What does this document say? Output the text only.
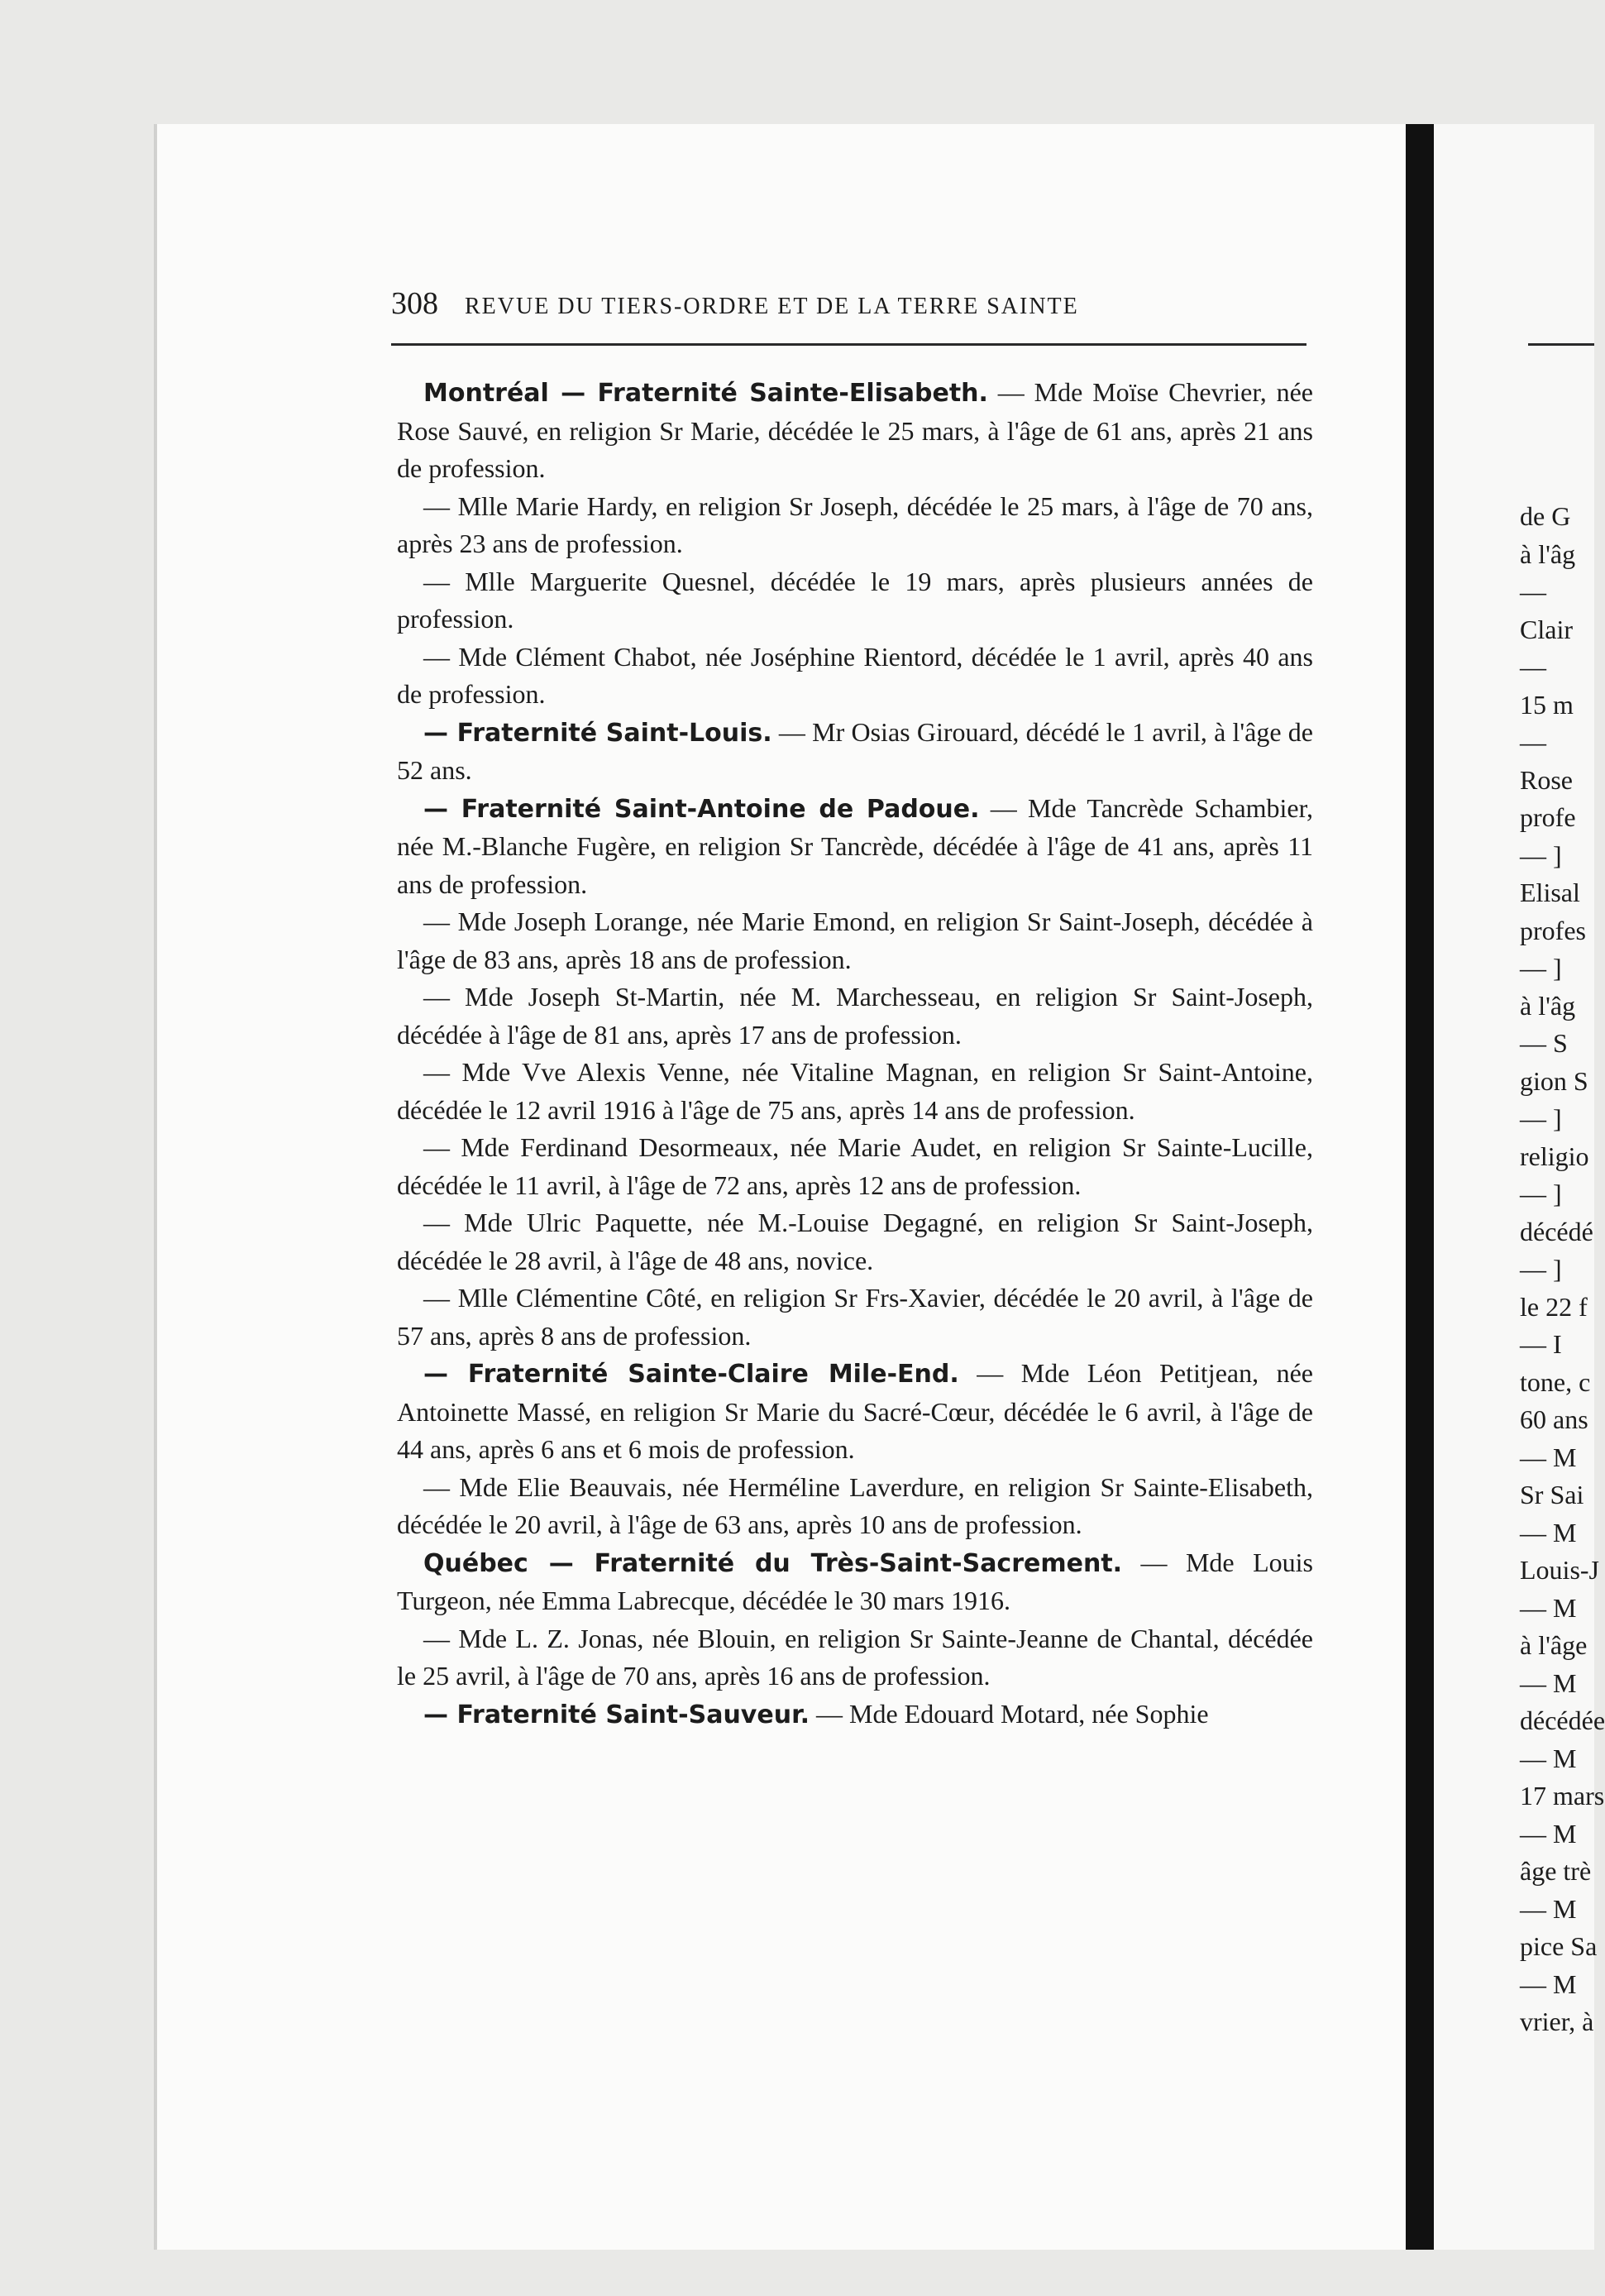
de G
à l'âg
—
Clair
—
15 m
—
Rose
profe
— ]
Elisal
profes
— ]
à l'âg
— S
gion S
— ]
religio
— ]
décédé
— ]
le 22 f
— I
tone, c
60 ans
— M
Sr Sai
— M
Louis-J
— M
à l'âge
— M
décédée
— M
17 mars
— M
âge trè
— M
pice Sa
— M
vrier, à
308 REVUE DU TIERS-ORDRE ET DE LA TERRE SAINTE

Montréal — Fraternité Sainte-Elisabeth. — Mde Moïse Chevrier, née Rose Sauvé, en religion Sr Marie, décédée le 25 mars, à l'âge de 61 ans, après 21 ans de profession.

— Mlle Marie Hardy, en religion Sr Joseph, décédée le 25 mars, à l'âge de 70 ans, après 23 ans de profession.

— Mlle Marguerite Quesnel, décédée le 19 mars, après plusieurs années de profession.

— Mde Clément Chabot, née Joséphine Rientord, décédée le 1 avril, après 40 ans de profession.

— Fraternité Saint-Louis. — Mr Osias Girouard, décédé le 1 avril, à l'âge de 52 ans.

— Fraternité Saint-Antoine de Padoue. — Mde Tancrède Schambier, née M.-Blanche Fugère, en religion Sr Tancrède, décédée à l'âge de 41 ans, après 11 ans de profession.

— Mde Joseph Lorange, née Marie Emond, en religion Sr Saint-Joseph, décédée à l'âge de 83 ans, après 18 ans de profession.

— Mde Joseph St-Martin, née M. Marchesseau, en religion Sr Saint-Joseph, décédée à l'âge de 81 ans, après 17 ans de profession.

— Mde Vve Alexis Venne, née Vitaline Magnan, en religion Sr Saint-Antoine, décédée le 12 avril 1916 à l'âge de 75 ans, après 14 ans de profession.

— Mde Ferdinand Desormeaux, née Marie Audet, en religion Sr Sainte-Lucille, décédée le 11 avril, à l'âge de 72 ans, après 12 ans de profession.

— Mde Ulric Paquette, née M.-Louise Degagné, en religion Sr Saint-Joseph, décédée le 28 avril, à l'âge de 48 ans, novice.

— Mlle Clémentine Côté, en religion Sr Frs-Xavier, décédée le 20 avril, à l'âge de 57 ans, après 8 ans de profession.

— Fraternité Sainte-Claire Mile-End. — Mde Léon Petitjean, née Antoinette Massé, en religion Sr Marie du Sacré-Cœur, décédée le 6 avril, à l'âge de 44 ans, après 6 ans et 6 mois de profession.

— Mde Elie Beauvais, née Herméline Laverdure, en religion Sr Sainte-Elisabeth, décédée le 20 avril, à l'âge de 63 ans, après 10 ans de profession.

Québec — Fraternité du Très-Saint-Sacrement. — Mde Louis Turgeon, née Emma Labrecque, décédée le 30 mars 1916.

— Mde L. Z. Jonas, née Blouin, en religion Sr Sainte-Jeanne de Chantal, décédée le 25 avril, à l'âge de 70 ans, après 16 ans de profession.

— Fraternité Saint-Sauveur. — Mde Edouard Motard, née Sophie
